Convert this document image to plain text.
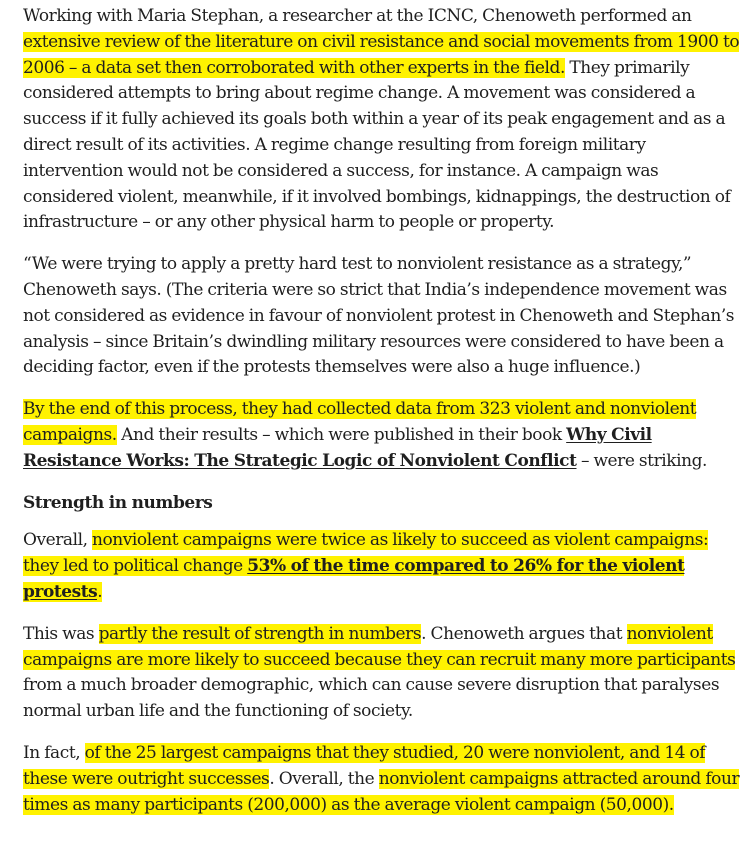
Working with Maria Stephan, a researcher at the ICNC, Chenoweth performed an extensive review of the literature on civil resistance and social movements from 1900 to 2006 – a data set then corroborated with other experts in the field. They primarily considered attempts to bring about regime change. A movement was considered a success if it fully achieved its goals both within a year of its peak engagement and as a direct result of its activities. A regime change resulting from foreign military intervention would not be considered a success, for instance. A campaign was considered violent, meanwhile, if it involved bombings, kidnappings, the destruction of infrastructure – or any other physical harm to people or property.

“We were trying to apply a pretty hard test to nonviolent resistance as a strategy,” Chenoweth says. (The criteria were so strict that India’s independence movement was not considered as evidence in favour of nonviolent protest in Chenoweth and Stephan’s analysis – since Britain’s dwindling military resources were considered to have been a deciding factor, even if the protests themselves were also a huge influence.)

By the end of this process, they had collected data from 323 violent and nonviolent campaigns. And their results – which were published in their book Why Civil Resistance Works: The Strategic Logic of Nonviolent Conflict – were striking.

Strength in numbers

Overall, nonviolent campaigns were twice as likely to succeed as violent campaigns: they led to political change 53% of the time compared to 26% for the violent protests.

This was partly the result of strength in numbers. Chenoweth argues that nonviolent campaigns are more likely to succeed because they can recruit many more participants from a much broader demographic, which can cause severe disruption that paralyses normal urban life and the functioning of society.

In fact, of the 25 largest campaigns that they studied, 20 were nonviolent, and 14 of these were outright successes. Overall, the nonviolent campaigns attracted around four times as many participants (200,000) as the average violent campaign (50,000).
